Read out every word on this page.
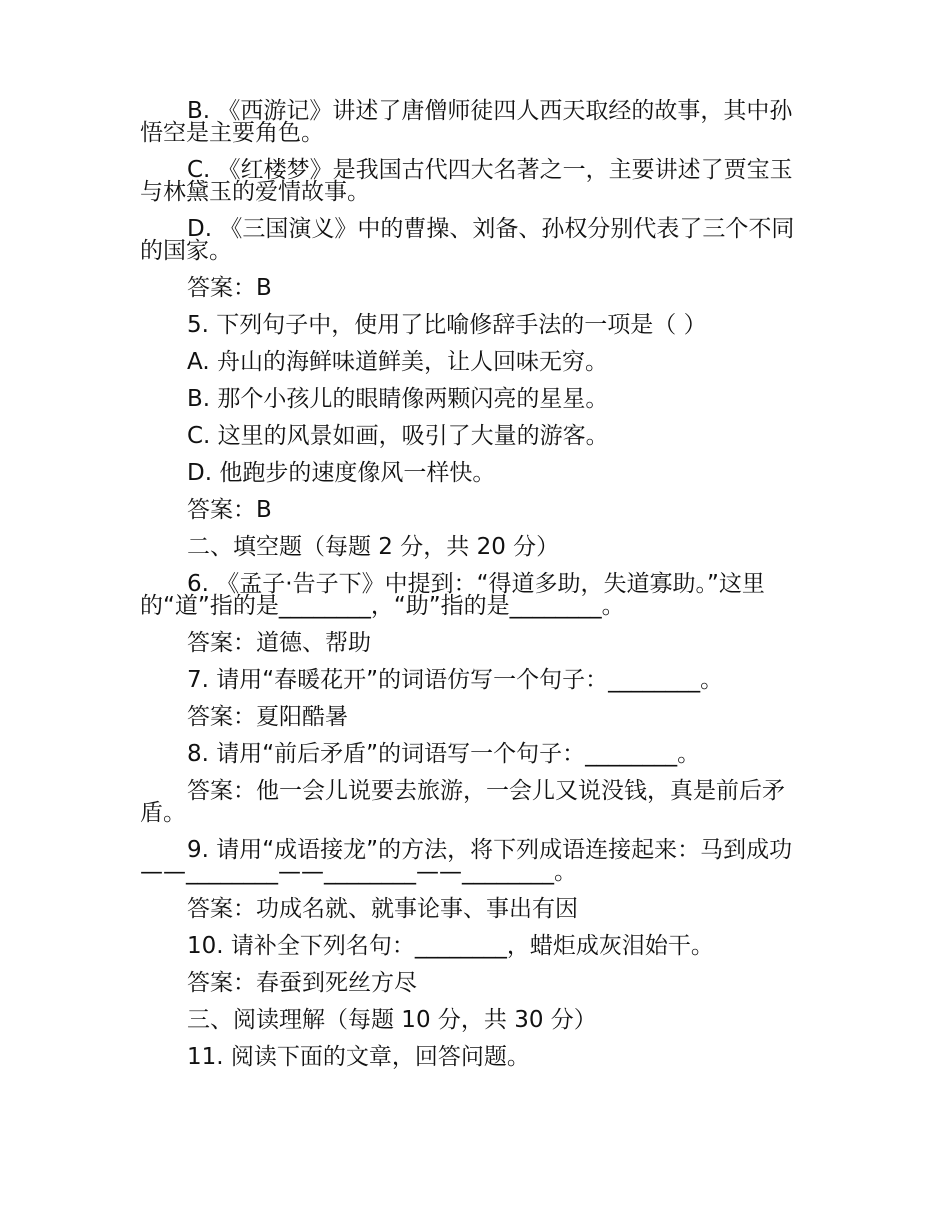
B. 《西游记》讲述了唐僧师徒四人西天取经的故事，其中孙悟空是主要角色。

C. 《红楼梦》是我国古代四大名著之一，主要讲述了贾宝玉与林黛玉的爱情故事。

D. 《三国演义》中的曹操、刘备、孙权分别代表了三个不同的国家。

答案：B

5. 下列句子中，使用了比喻修辞手法的一项是（ ）

A. 舟山的海鲜味道鲜美，让人回味无穷。

B. 那个小孩儿的眼睛像两颗闪亮的星星。

C. 这里的风景如画，吸引了大量的游客。

D. 他跑步的速度像风一样快。

答案：B

二、填空题（每题 2 分，共 20 分）

6. 《孟子·告子下》中提到：“得道多助，失道寡助。”这里的“道”指的是________，“助”指的是________。

答案：道德、帮助

7. 请用“春暖花开”的词语仿写一个句子：________。

答案：夏阳酷暑

8. 请用“前后矛盾”的词语写一个句子：________。

答案：他一会儿说要去旅游，一会儿又说没钱，真是前后矛盾。

9. 请用“成语接龙”的方法，将下列成语连接起来：马到成功——________——________——________。

答案：功成名就、就事论事、事出有因

10. 请补全下列名句：________，蜡炬成灰泪始干。

答案：春蚕到死丝方尽

三、阅读理解（每题 10 分，共 30 分）

11. 阅读下面的文章，回答问题。
